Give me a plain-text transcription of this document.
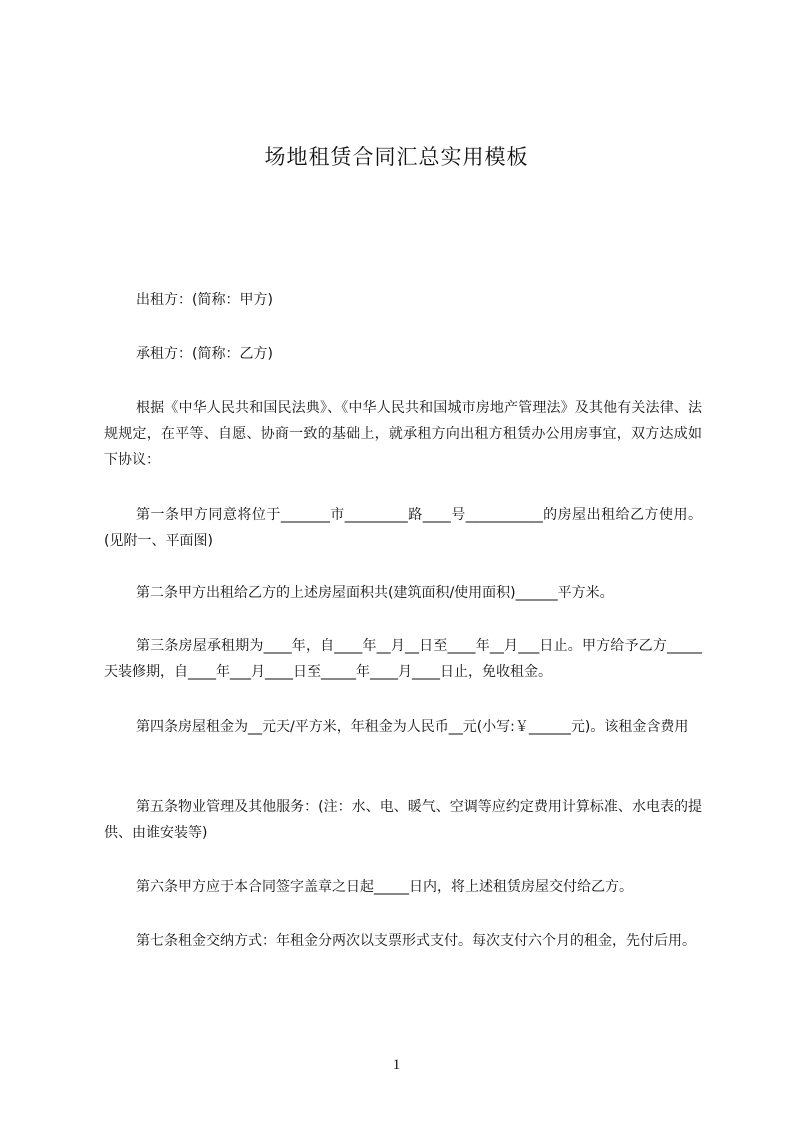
场地租赁合同汇总实用模板

出租方：(简称：甲方)

承租方：(简称：乙方)

根据《中华人民共和国民法典》、《中华人民共和国城市房地产管理法》及其他有关法律、法规规定，在平等、自愿、协商一致的基础上，就承租方向出租方租赁办公用房事宜，双方达成如下协议：

第一条甲方同意将位于_______市_________路____号___________的房屋出租给乙方使用。(见附一、平面图)

第二条甲方出租给乙方的上述房屋面积共(建筑面积/使用面积)______平方米。

第三条房屋承租期为____年，自____年__月__日至____年__月___日止。甲方给予乙方_____天装修期，自____年___月____日至_____年____月____日止，免收租金。

第四条房屋租金为__元天/平方米，年租金为人民币__元(小写:￥______元)。该租金含费用

第五条物业管理及其他服务：(注：水、电、暖气、空调等应约定费用计算标准、水电表的提供、由谁安装等)

第六条甲方应于本合同签字盖章之日起_____日内，将上述租赁房屋交付给乙方。

第七条租金交纳方式：年租金分两次以支票形式支付。每次支付六个月的租金，先付后用。

1
